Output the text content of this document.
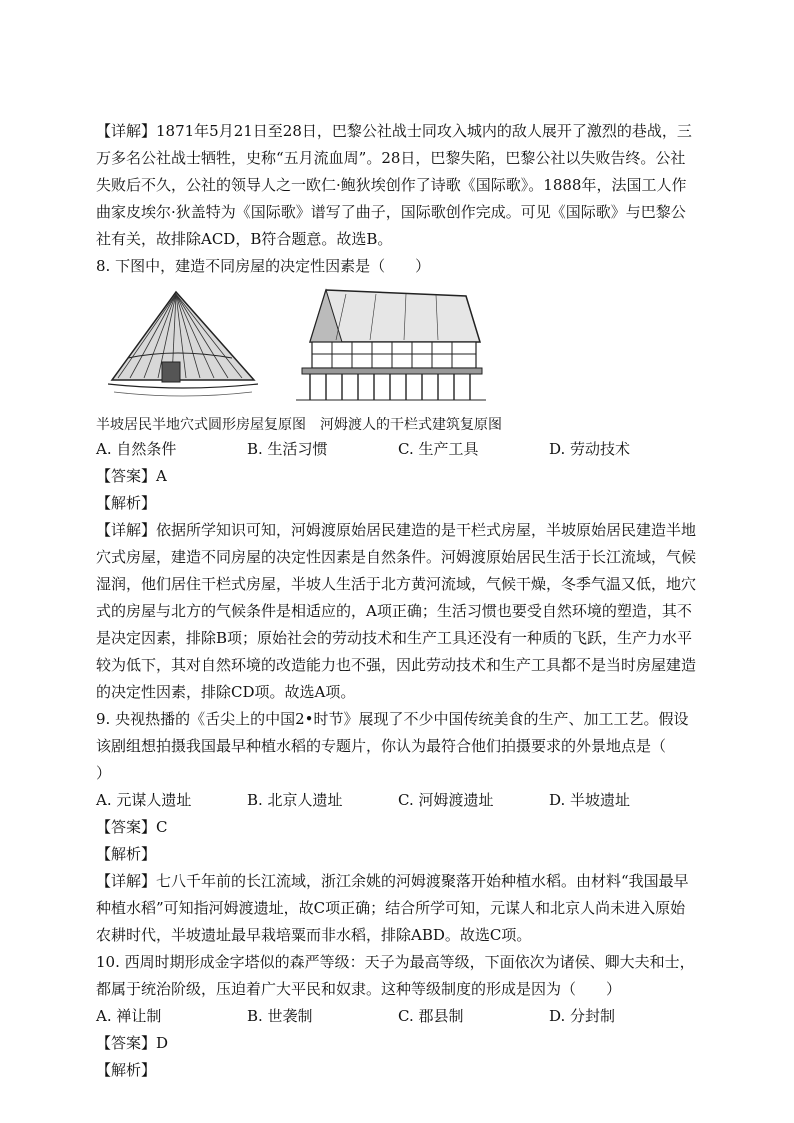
【详解】1871年5月21日至28日，巴黎公社战士同攻入城内的敌人展开了激烈的巷战，三万多名公社战士牺牲，史称“五月流血周”。28日，巴黎失陷，巴黎公社以失败告终。公社失败后不久，公社的领导人之一欧仁·鲍狄埃创作了诗歌《国际歌》。1888年，法国工人作曲家皮埃尔·狄盖特为《国际歌》谱写了曲子，国际歌创作完成。可见《国际歌》与巴黎公社有关，故排除ACD，B符合题意。故选B。

8. 下图中，建造不同房屋的决定性因素是（　　）

半坡居民半地穴式圆形房屋复原图　河姆渡人的干栏式建筑复原图
A. 自然条件	B. 生活习惯	C. 生产工具	D. 劳动技术

【答案】A

【解析】

【详解】依据所学知识可知，河姆渡原始居民建造的是干栏式房屋，半坡原始居民建造半地穴式房屋，建造不同房屋的决定性因素是自然条件。河姆渡原始居民生活于长江流域，气候湿润，他们居住干栏式房屋，半坡人生活于北方黄河流域，气候干燥，冬季气温又低，地穴式的房屋与北方的气候条件是相适应的，A项正确；生活习惯也要受自然环境的塑造，其不是决定因素，排除B项；原始社会的劳动技术和生产工具还没有一种质的飞跃，生产力水平较为低下，其对自然环境的改造能力也不强，因此劳动技术和生产工具都不是当时房屋建造的决定性因素，排除CD项。故选A项。

9. 央视热播的《舌尖上的中国2•时节》展现了不少中国传统美食的生产、加工工艺。假设该剧组想拍摄我国最早种植水稻的专题片，你认为最符合他们拍摄要求的外景地点是（　　）

A. 元谋人遗址	B. 北京人遗址	C. 河姆渡遗址	D. 半坡遗址

【答案】C

【解析】

【详解】七八千年前的长江流域，浙江余姚的河姆渡聚落开始种植水稻。由材料“我国最早种植水稻”可知指河姆渡遗址，故C项正确；结合所学可知，元谋人和北京人尚未进入原始农耕时代，半坡遗址最早栽培粟而非水稻，排除ABD。故选C项。

10. 西周时期形成金字塔似的森严等级：天子为最高等级，下面依次为诸侯、卿大夫和士，都属于统治阶级，压迫着广大平民和奴隶。这种等级制度的形成是因为（　　）

A. 禅让制	B. 世袭制	C. 郡县制	D. 分封制

【答案】D

【解析】
